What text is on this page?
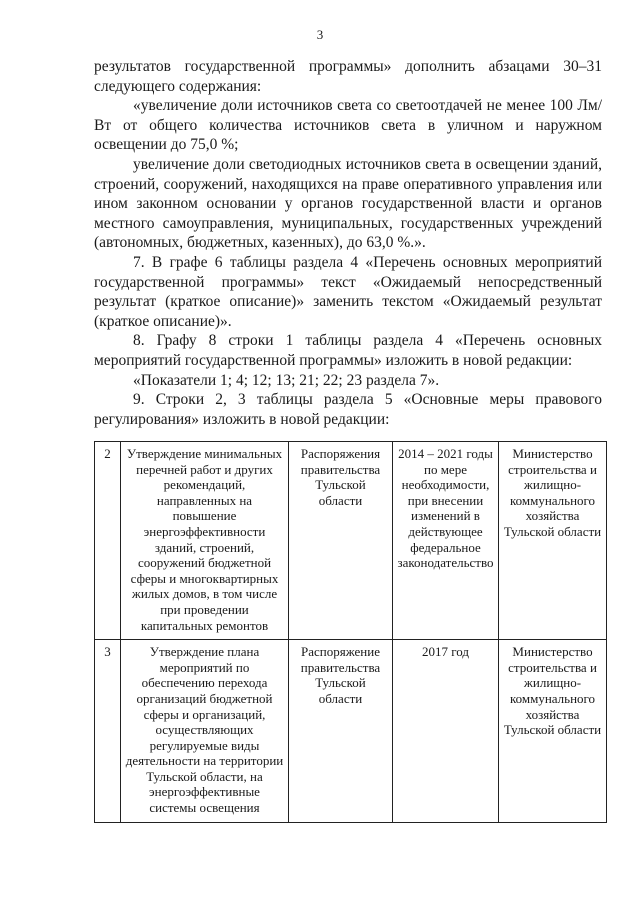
3

результатов государственной программы» дополнить абзацами 30–31 следующего содержания:

«увеличение доли источников света со светоотдачей не менее 100 Лм/Вт от общего количества источников света в уличном и наружном освещении до 75,0 %;

увеличение доли светодиодных источников света в освещении зданий, строений, сооружений, находящихся на праве оперативного управления или ином законном основании у органов государственной власти и органов местного самоуправления, муниципальных, государственных учреждений (автономных, бюджетных, казенных), до 63,0 %.».

7. В графе 6 таблицы раздела 4 «Перечень основных мероприятий государственной программы» текст «Ожидаемый непосредственный результат (краткое описание)» заменить текстом «Ожидаемый результат (краткое описание)».

8. Графу 8 строки 1 таблицы раздела 4 «Перечень основных мероприятий государственной программы» изложить в новой редакции:

«Показатели 1; 4; 12; 13; 21; 22; 23 раздела 7».

9. Строки 2, 3 таблицы раздела 5 «Основные меры правового регулирования» изложить в новой редакции:

2	Утверждение минимальных перечней работ и других рекомендаций, направленных на повышение энергоэффективности зданий, строений, сооружений бюджетной сферы и многоквартирных жилых домов, в том числе при проведении капитальных ремонтов	Распоряжения правительства Тульской области	2014 – 2021 годы по мере необходимости, при внесении изменений в действующее федеральное законодательство	Министерство строительства и жилищно-коммунального хозяйства Тульской области
3	Утверждение плана мероприятий по обеспечению перехода организаций бюджетной сферы и организаций, осуществляющих регулируемые виды деятельности на территории Тульской области, на энергоэффективные системы освещения	Распоряжение правительства Тульской области	2017 год	Министерство строительства и жилищно-коммунального хозяйства Тульской области
